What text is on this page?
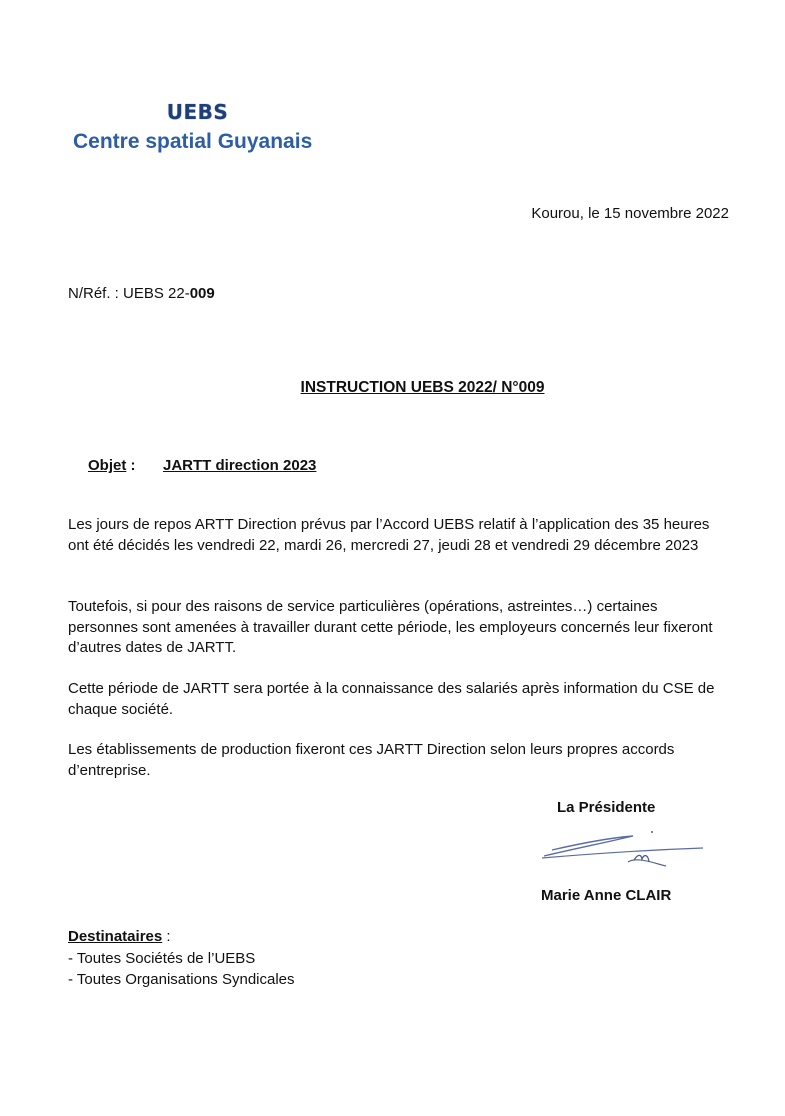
UEBS
Centre spatial Guyanais
Kourou, le 15 novembre 2022
N/Réf. : UEBS 22-009
INSTRUCTION UEBS 2022/ N°009
Objet : JARTT direction 2023
Les jours de repos ARTT Direction prévus par l’Accord UEBS relatif à l’application des 35 heures ont été décidés les vendredi 22, mardi 26, mercredi 27, jeudi 28 et vendredi 29 décembre 2023
Toutefois, si pour des raisons de service particulières (opérations, astreintes…) certaines personnes sont amenées à travailler durant cette période, les employeurs concernés leur fixeront d’autres dates de JARTT.
Cette période de JARTT sera portée à la connaissance des salariés après information du CSE de chaque société.
Les établissements de production fixeront ces JARTT Direction selon leurs propres accords d’entreprise.
La Présidente
Marie Anne CLAIR
Destinataires :
- Toutes Sociétés de l’UEBS
- Toutes Organisations Syndicales
